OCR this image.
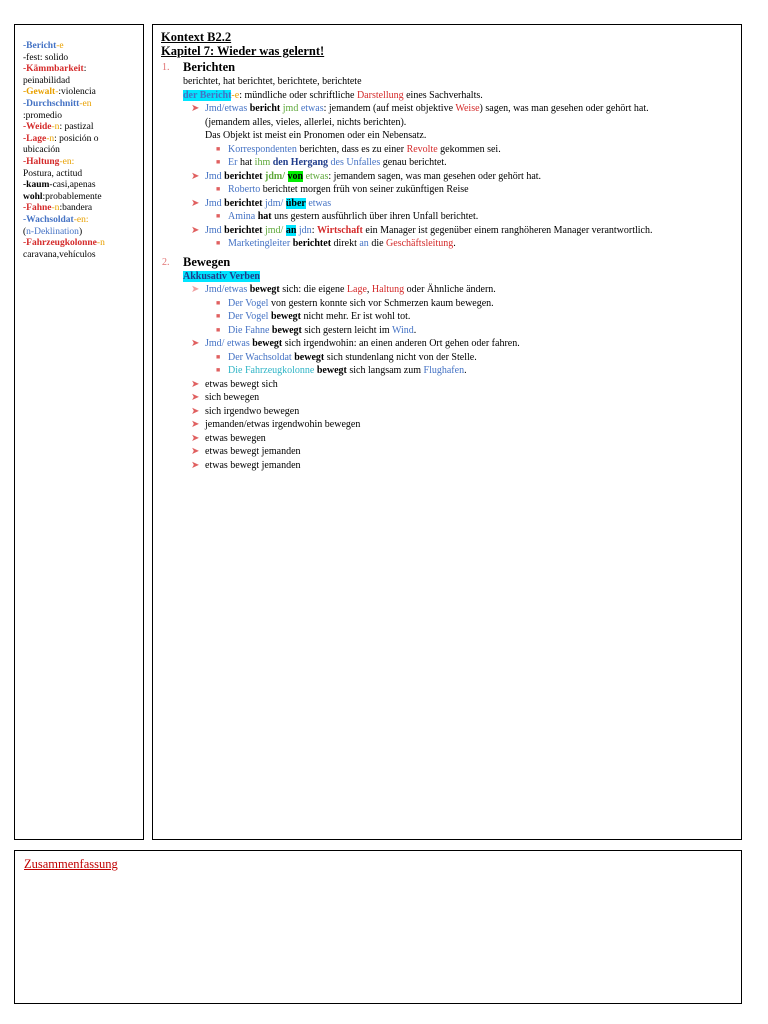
-Bericht-e
-fest: solido
-Kämmbarkeit:
peinabilidad
-Gewalt-:violencia
-Durchschnitt-en
:promedio
-Weide-n: pastizal
-Lage-n: posición o
ubicación
-Haltung-en:
Postura, actitud
-kaum-casi,apenas
wohl:probablemente
-Fahne-n:bandera
-Wachsoldat-en:
(n-Deklination)
-Fahrzeugkolonne-n
caravana,vehículos
Kontext B2.2
Kapitel 7: Wieder was gelernt!
1. Berichten
berichtet, hat berichtet, berichtete, berichtete
der Bericht-e: mündliche oder schriftliche Darstellung eines Sachverhalts.
➤ Jmd/etwas bericht jmd etwas: jemandem (auf meist objektive Weise) sagen, was man gesehen oder gehört hat.
(jemandem alles, vieles, allerlei, nichts berichten).
Das Objekt ist meist ein Pronomen oder ein Nebensatz.
■ Korrespondenten berichten, dass es zu einer Revolte gekommen sei.
■ Er hat ihm den Hergang des Unfalles genau berichtet.
➤ Jmd berichtet jdm/ von etwas: jemandem sagen, was man gesehen oder gehört hat.
■ Roberto berichtet morgen früh von seiner zukünftigen Reise
➤ Jmd berichtet jdm/ über etwas
■ Amina hat uns gestern ausführlich über ihren Unfall berichtet.
➤ Jmd berichtet jmd/ an jdn: Wirtschaft ein Manager ist gegenüber einem ranghöheren Manager verantwortlich.
■ Marketingleiter berichtet direkt an die Geschäftsleitung.
2. Bewegen
Akkusativ Verben
➤ Jmd/etwas bewegt sich: die eigene Lage, Haltung oder Ähnliche ändern.
■ Der Vogel von gestern konnte sich vor Schmerzen kaum bewegen.
■ Der Vogel bewegt nicht mehr. Er ist wohl tot.
■ Die Fahne bewegt sich gestern leicht im Wind.
➤ Jmd/ etwas bewegt sich irgendwohin: an einen anderen Ort gehen oder fahren.
■ Der Wachsoldat bewegt sich stundenlang nicht von der Stelle.
■ Die Fahrzeugkolonne bewegt sich langsam zum Flughafen.
➤ etwas bewegt sich
➤ sich bewegen
➤ sich irgendwo bewegen
➤ jemanden/etwas irgendwohin bewegen
➤ etwas bewegen
➤ etwas bewegt jemanden
➤ etwas bewegt jemanden
Zusammenfassung
